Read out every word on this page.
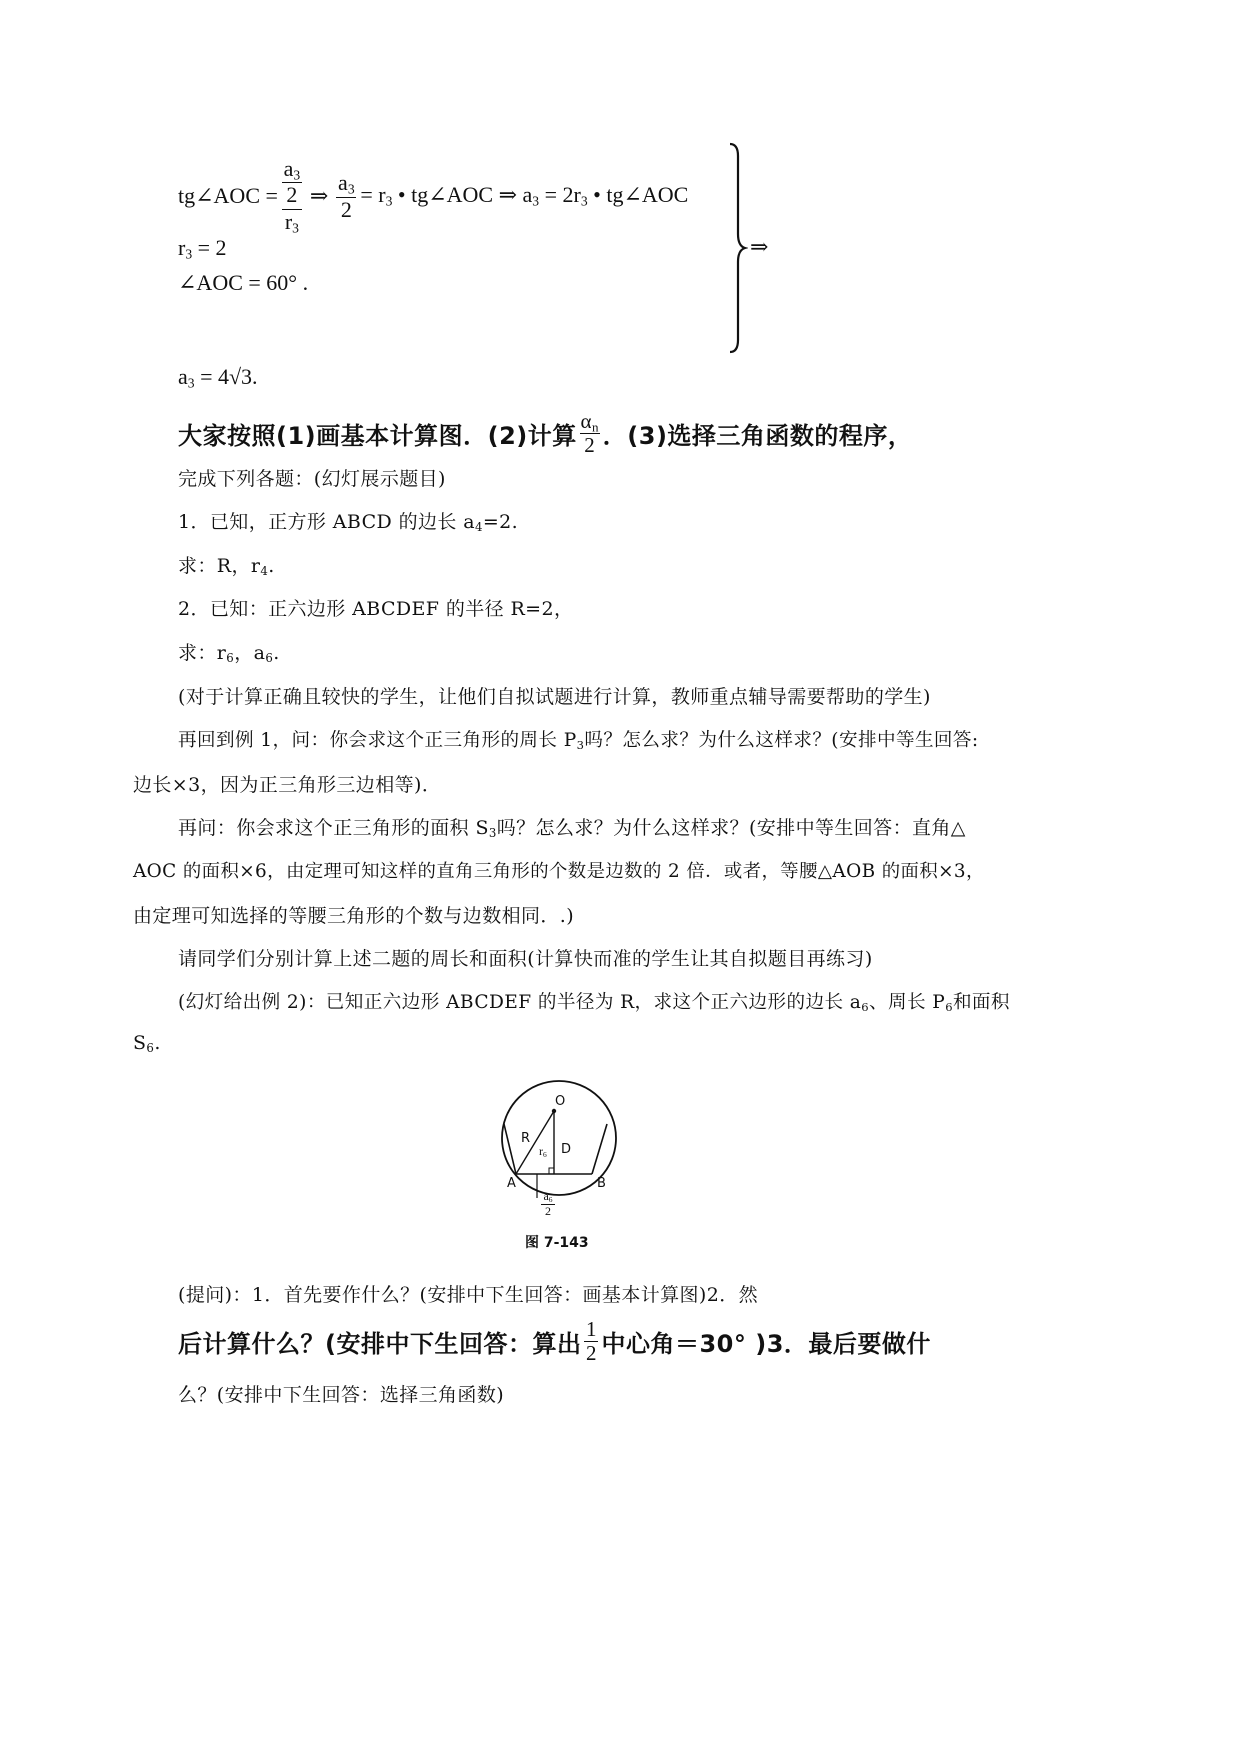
tg∠AOC = $\frac{\frac{a_3}{2}}{r_3}$ ⇒ $\frac{a_3}{2} = r_3$ • tg∠AOC ⇒ $a_3 = 2r_3$ • tg∠AOC
$r_3 = 2$
∠AOC = 60° .
⇒
$a_3 = 4√3$.
大家按照(1)画基本计算图．(2)计算 $\frac{\alpha_n}{2}$ ．(3)选择三角函数的程序，
完成下列各题：(幻灯展示题目)
1．已知，正方形 ABCD 的边长 $a_4=2$.
求：R，$r_4$.
2．已知：正六边形 ABCDEF 的半径 R=2，
求：$r_6$，$a_6$.
(对于计算正确且较快的学生，让他们自拟试题进行计算，教师重点辅导需要帮助的学生)
再回到例 1，问：你会求这个正三角形的周长 $P_3$吗？怎么求？为什么这样求？(安排中等生回答:
边长×3，因为正三角形三边相等)．
再问：你会求这个正三角形的面积 $S_3$吗？怎么求？为什么这样求？(安排中等生回答：直角△
AOC 的面积×6，由定理可知这样的直角三角形的个数是边数的 2 倍．或者，等腰△AOB 的面积×3，
由定理可知选择的等腰三角形的个数与边数相同．.)
请同学们分别计算上述二题的周长和面积(计算快而准的学生让其自拟题目再练习)
(幻灯给出例 2)：已知正六边形 ABCDEF 的半径为 R，求这个正六边形的边长 $a_6$、周长 $P_6$和面积
$S_6$.
O
R
$r_6$ D
A	B
$a_6$
2
图 7-143
(提问)：1．首先要作什么？(安排中下生回答：画基本计算图)2．然
后计算什么？(安排中下生回答：算出 $\frac{1}{2}$ 中心角＝30° )3．最后要做什
么？(安排中下生回答：选择三角函数)
